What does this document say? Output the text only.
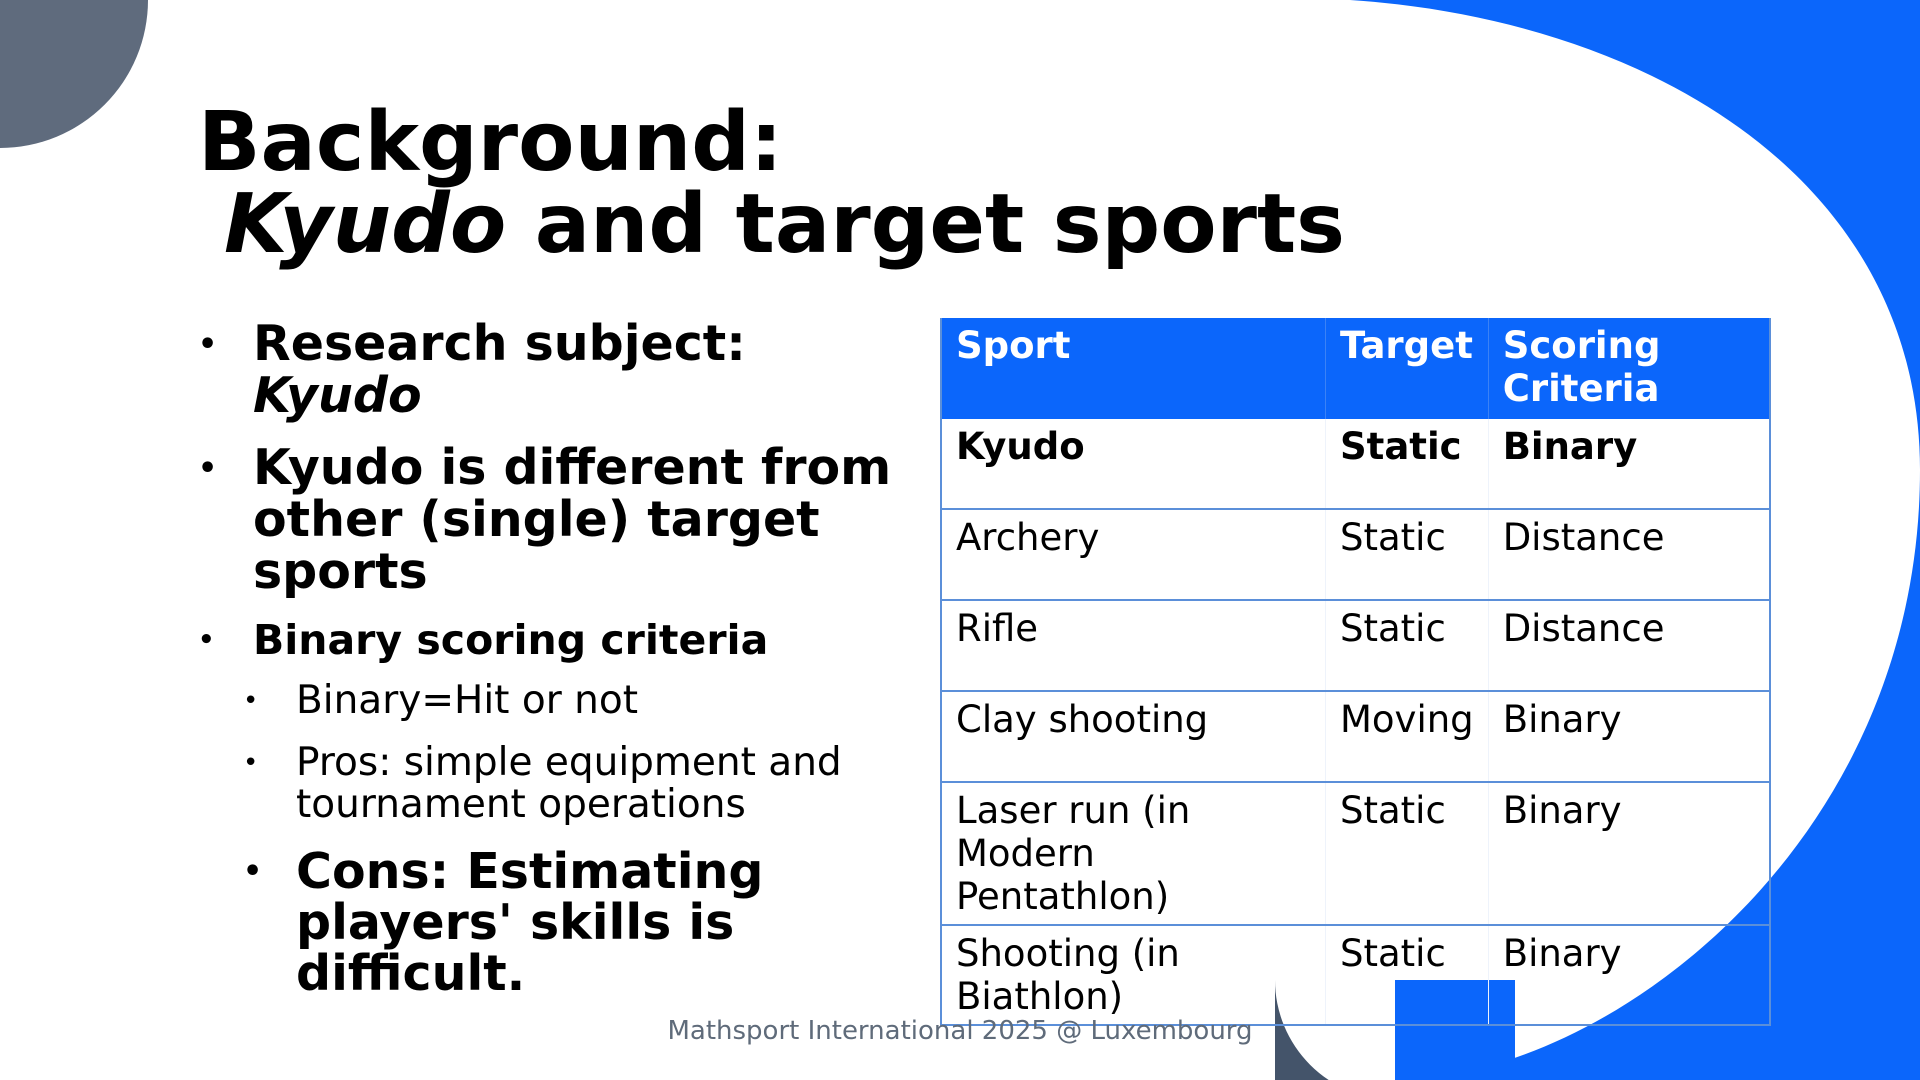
Background:
Kyudo and target sports
• Research subject: Kyudo
• Kyudo is different from other (single) target sports
• Binary scoring criteria
• Binary=Hit or not
• Pros: simple equipment and tournament operations
• Cons: Estimating players' skills is difficult.
Sport	Target	Scoring Criteria
Kyudo	Static	Binary
Archery	Static	Distance
Rifle	Static	Distance
Clay shooting	Moving	Binary
Laser run (in Modern Pentathlon)	Static	Binary
Shooting (in Biathlon)	Static	Binary
Mathsport International 2025 @ Luxembourg
